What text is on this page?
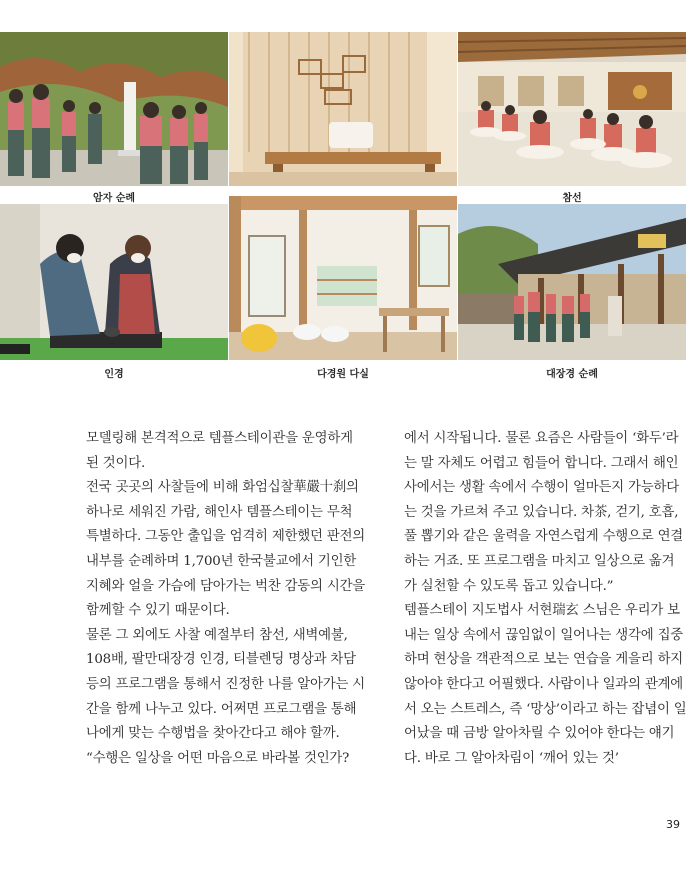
암자 순례	참선
인경	다경원 다실	대장경 순례

모델링해 본격적으로 템플스테이관을 운영하게 된 것이다.

전국 곳곳의 사찰들에 비해 화엄십찰華嚴十刹의 하나로 세워진 가람, 해인사 템플스테이는 무척 특별하다. 그동안 출입을 엄격히 제한했던 판전의 내부를 순례하며 1,700년 한국불교에서 기인한 지혜와 얼을 가슴에 담아가는 벅찬 감동의 시간을 함께할 수 있기 때문이다.

물론 그 외에도 사찰 예절부터 참선, 새벽예불, 108배, 팔만대장경 인경, 티블렌딩 명상과 차담 등의 프로그램을 통해서 진정한 나를 알아가는 시간을 함께 나누고 있다. 어쩌면 프로그램을 통해 나에게 맞는 수행법을 찾아간다고 해야 할까.

“수행은 일상을 어떤 마음으로 바라볼 것인가?

에서 시작됩니다. 물론 요즘은 사람들이 ‘화두’라는 말 자체도 어렵고 힘들어 합니다. 그래서 해인사에서는 생활 속에서 수행이 얼마든지 가능하다는 것을 가르쳐 주고 있습니다. 차茶, 걷기, 호흡, 풀 뽑기와 같은 울력을 자연스럽게 수행으로 연결하는 거죠. 또 프로그램을 마치고 일상으로 옮겨가 실천할 수 있도록 돕고 있습니다.”

템플스테이 지도법사 서현瑞玄 스님은 우리가 보내는 일상 속에서 끊임없이 일어나는 생각에 집중하며 현상을 객관적으로 보는 연습을 게을리 하지 않아야 한다고 어필했다. 사람이나 일과의 관계에서 오는 스트레스, 즉 ‘망상’이라고 하는 잡념이 일어났을 때 금방 알아차릴 수 있어야 한다는 얘기다. 바로 그 알아차림이 ‘깨어 있는 것’

39
